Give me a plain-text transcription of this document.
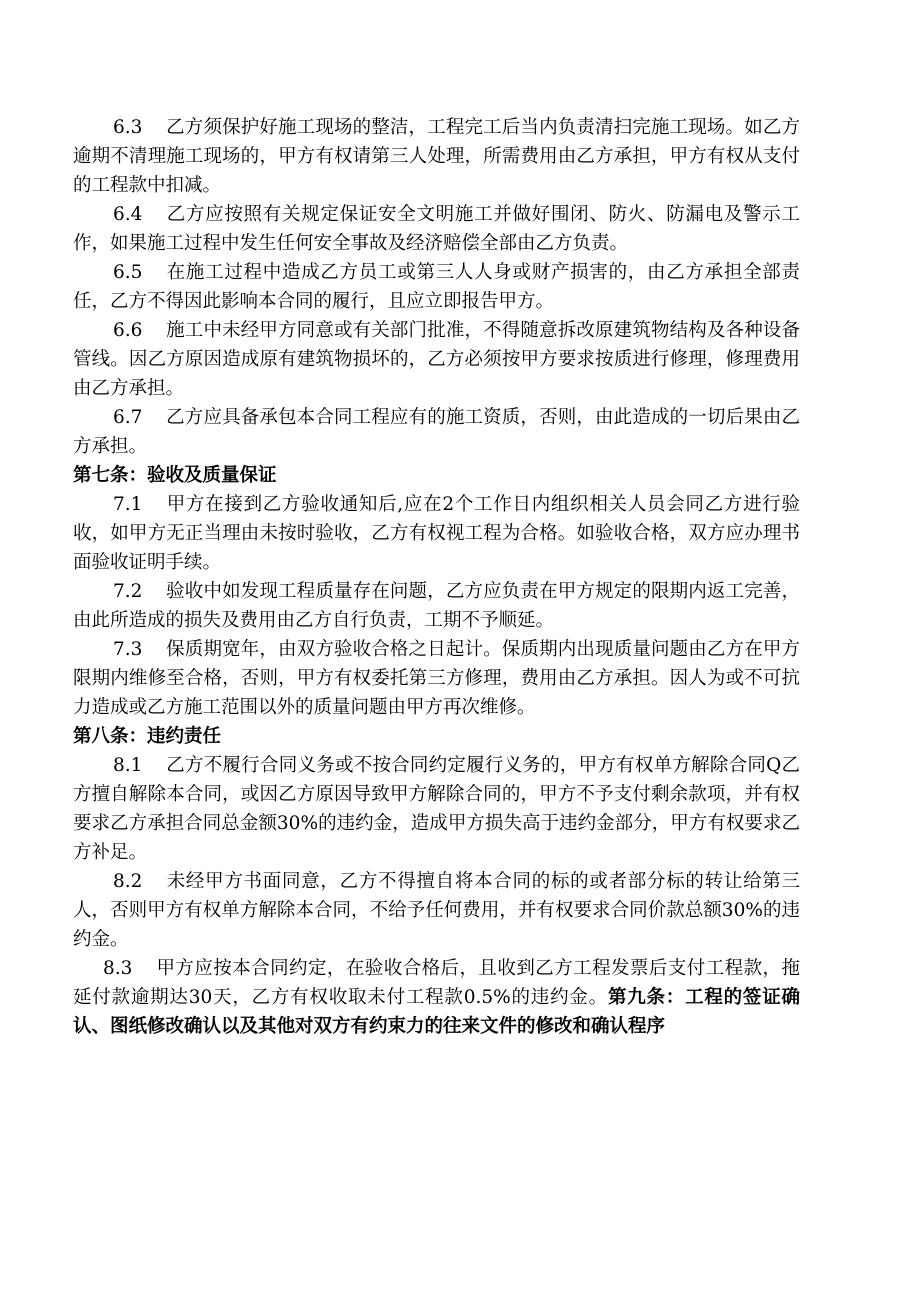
6.3 乙方须保护好施工现场的整洁，工程完工后当内负责清扫完施工现场。如乙方逾期不清理施工现场的，甲方有权请第三人处理，所需费用由乙方承担，甲方有权从支付的工程款中扣减。

6.4 乙方应按照有关规定保证安全文明施工并做好围闭、防火、防漏电及警示工作，如果施工过程中发生任何安全事故及经济赔偿全部由乙方负责。

6.5 在施工过程中造成乙方员工或第三人人身或财产损害的，由乙方承担全部责任，乙方不得因此影响本合同的履行，且应立即报告甲方。

6.6 施工中未经甲方同意或有关部门批准，不得随意拆改原建筑物结构及各种设备管线。因乙方原因造成原有建筑物损坏的，乙方必须按甲方要求按质进行修理，修理费用由乙方承担。

6.7 乙方应具备承包本合同工程应有的施工资质，否则，由此造成的一切后果由乙方承担。

第七条：验收及质量保证

7.1 甲方在接到乙方验收通知后,应在2个工作日内组织相关人员会同乙方进行验收，如甲方无正当理由未按时验收，乙方有权视工程为合格。如验收合格，双方应办理书面验收证明手续。

7.2 验收中如发现工程质量存在问题，乙方应负责在甲方规定的限期内返工完善，由此所造成的损失及费用由乙方自行负责，工期不予顺延。

7.3 保质期宽年，由双方验收合格之日起计。保质期内出现质量问题由乙方在甲方限期内维修至合格，否则，甲方有权委托第三方修理，费用由乙方承担。因人为或不可抗力造成或乙方施工范围以外的质量问题由甲方再次维修。

第八条：违约责任

8.1 乙方不履行合同义务或不按合同约定履行义务的，甲方有权单方解除合同Q乙方擅自解除本合同，或因乙方原因导致甲方解除合同的，甲方不予支付剩余款项，并有权要求乙方承担合同总金额30%的违约金，造成甲方损失高于违约金部分，甲方有权要求乙方补足。

8.2 未经甲方书面同意，乙方不得擅自将本合同的标的或者部分标的转让给第三人，否则甲方有权单方解除本合同，不给予任何费用，并有权要求合同价款总额30%的违约金。

8.3 甲方应按本合同约定，在验收合格后，且收到乙方工程发票后支付工程款，拖延付款逾期达30天，乙方有权收取未付工程款0.5%的违约金。第九条：工程的签证确认、图纸修改确认以及其他对双方有约束力的往来文件的修改和确认程序
